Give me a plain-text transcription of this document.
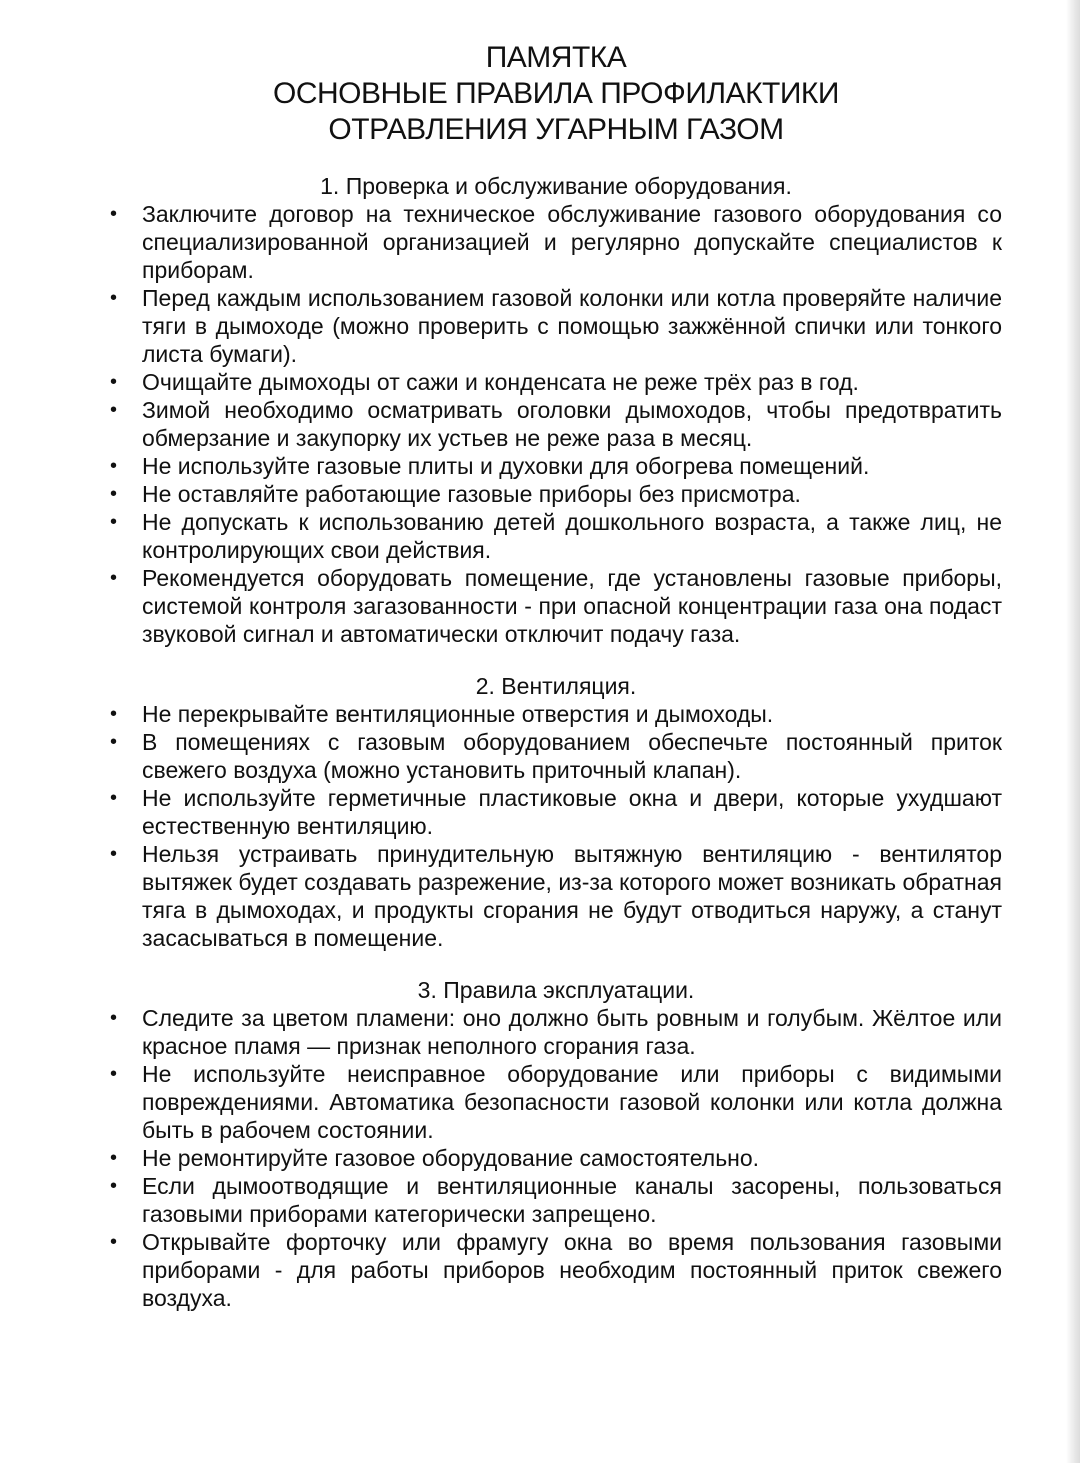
ПАМЯТКА
ОСНОВНЫЕ ПРАВИЛА ПРОФИЛАКТИКИ
ОТРАВЛЕНИЯ УГАРНЫМ ГАЗОМ
1. Проверка и обслуживание оборудования.
•	Заключите договор на техническое обслуживание газового оборудования со специализированной организацией и регулярно допускайте специалистов к приборам.
•	Перед каждым использованием газовой колонки или котла проверяйте наличие тяги в дымоходе (можно проверить с помощью зажжённой спички или тонкого листа бумаги).
•	Очищайте дымоходы от сажи и конденсата не реже трёх раз в год.
•	Зимой необходимо осматривать оголовки дымоходов, чтобы предотвратить обмерзание и закупорку их устьев не реже раза в месяц.
•	Не используйте газовые плиты и духовки для обогрева помещений.
•	Не оставляйте работающие газовые приборы без присмотра.
•	Не допускать к использованию детей дошкольного возраста, а также лиц, не контролирующих свои действия.
•	Рекомендуется оборудовать помещение, где установлены газовые приборы, системой контроля загазованности - при опасной концентрации газа она подаст звуковой сигнал и автоматически отключит подачу газа.
2. Вентиляция.
•	Не перекрывайте вентиляционные отверстия и дымоходы.
•	В помещениях с газовым оборудованием обеспечьте постоянный приток свежего воздуха (можно установить приточный клапан).
•	Не используйте герметичные пластиковые окна и двери, которые ухудшают естественную вентиляцию.
•	Нельзя устраивать принудительную вытяжную вентиляцию - вентилятор вытяжек будет создавать разрежение, из-за которого может возникать обратная тяга в дымоходах, и продукты сгорания не будут отводиться наружу, а станут засасываться в помещение.
3. Правила эксплуатации.
•	Следите за цветом пламени: оно должно быть ровным и голубым. Жёлтое или красное пламя — признак неполного сгорания газа.
•	Не используйте неисправное оборудование или приборы с видимыми повреждениями. Автоматика безопасности газовой колонки или котла должна быть в рабочем состоянии.
•	Не ремонтируйте газовое оборудование самостоятельно.
•	Если дымоотводящие и вентиляционные каналы засорены, пользоваться газовыми приборами категорически запрещено.
•	Открывайте форточку или фрамугу окна во время пользования газовыми приборами - для работы приборов необходим постоянный приток свежего воздуха.
